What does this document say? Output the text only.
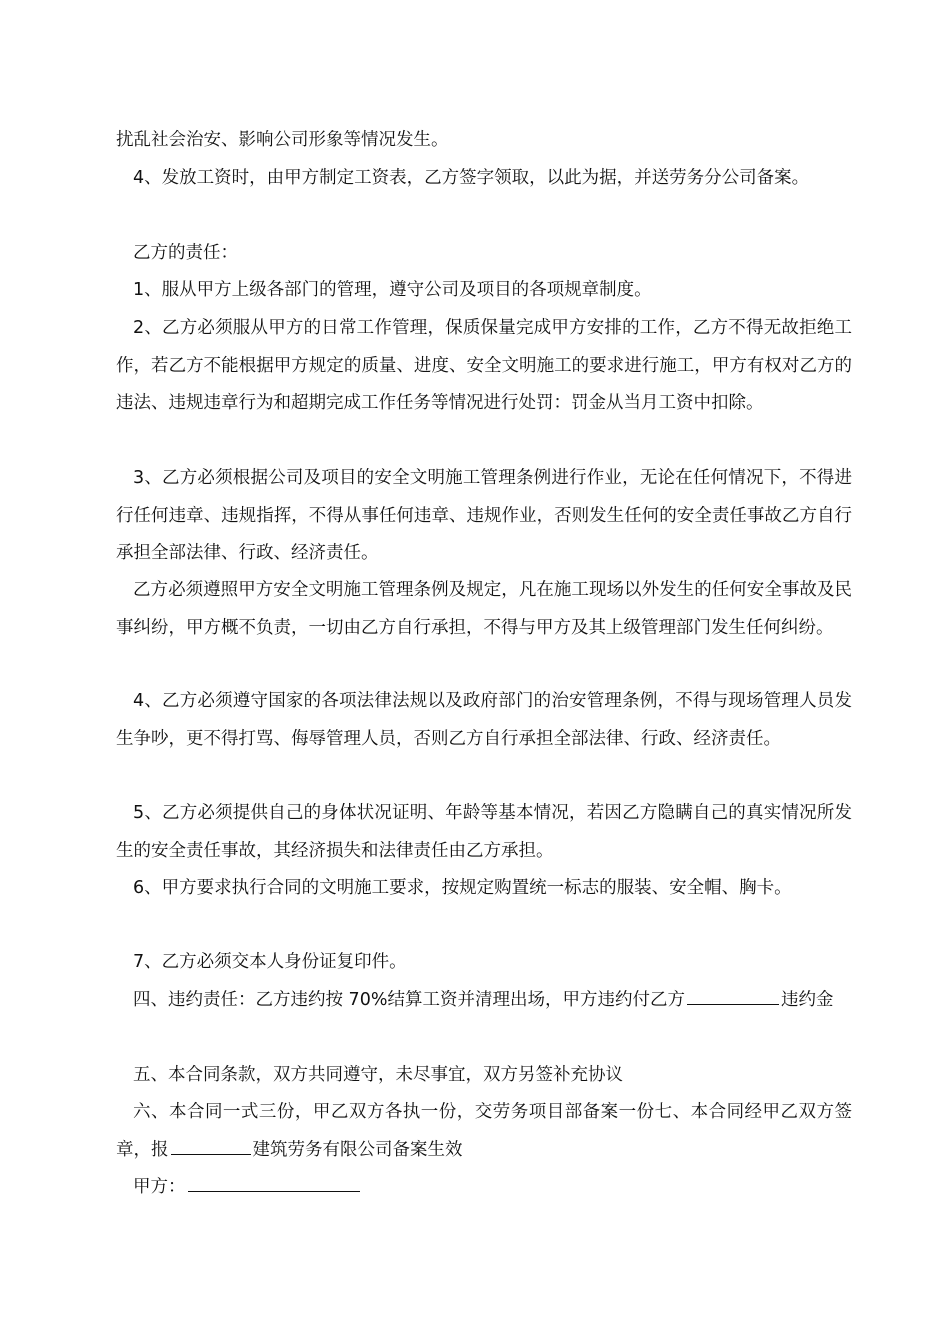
扰乱社会治安、影响公司形象等情况发生。
4、发放工资时，由甲方制定工资表，乙方签字领取，以此为据，并送劳务分公司备案。
乙方的责任：
1、服从甲方上级各部门的管理，遵守公司及项目的各项规章制度。
2、乙方必须服从甲方的日常工作管理，保质保量完成甲方安排的工作，乙方不得无故拒绝工作，若乙方不能根据甲方规定的质量、进度、安全文明施工的要求进行施工，甲方有权对乙方的违法、违规违章行为和超期完成工作任务等情况进行处罚：罚金从当月工资中扣除。
3、乙方必须根据公司及项目的安全文明施工管理条例进行作业，无论在任何情况下，不得进行任何违章、违规指挥，不得从事任何违章、违规作业，否则发生任何的安全责任事故乙方自行承担全部法律、行政、经济责任。
乙方必须遵照甲方安全文明施工管理条例及规定，凡在施工现场以外发生的任何安全事故及民事纠纷，甲方概不负责，一切由乙方自行承担，不得与甲方及其上级管理部门发生任何纠纷。
4、乙方必须遵守国家的各项法律法规以及政府部门的治安管理条例，不得与现场管理人员发生争吵，更不得打骂、侮辱管理人员，否则乙方自行承担全部法律、行政、经济责任。
5、乙方必须提供自己的身体状况证明、年龄等基本情况，若因乙方隐瞒自己的真实情况所发生的安全责任事故，其经济损失和法律责任由乙方承担。
6、甲方要求执行合同的文明施工要求，按规定购置统一标志的服装、安全帽、胸卡。
7、乙方必须交本人身份证复印件。
四、违约责任：乙方违约按 70%结算工资并清理出场，甲方违约付乙方	违约金
五、本合同条款，双方共同遵守，未尽事宜，双方另签补充协议
六、本合同一式三份，甲乙双方各执一份，交劳务项目部备案一份七、本合同经甲乙双方签章，报	建筑劳务有限公司备案生效
甲方：
